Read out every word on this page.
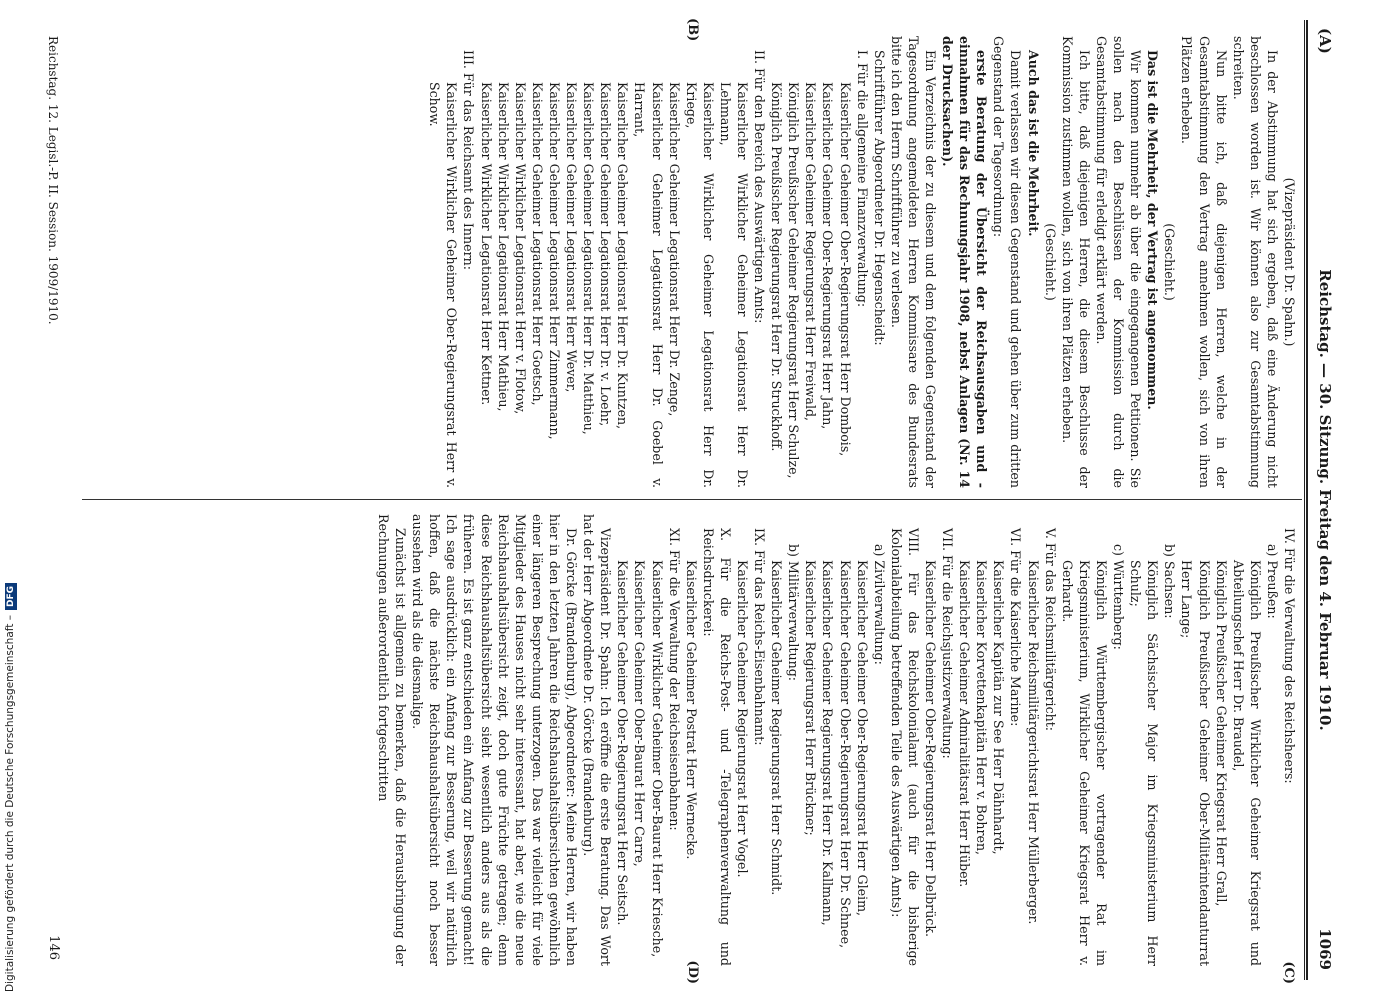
(A)
Reichstag. — 30. Sitzung. Freitag den 4. Februar 1910.
1069
(C)
(B)
(D)

(Vizepräsident Dr. Spahn.)

In der Abstimmung hat sich ergeben, daß eine Änderung nicht beschlossen worden ist. Wir können also zur Gesamtabstimmung schreiten.

Nun bitte ich, daß diejenigen Herren, welche in der Gesamtabstimmung den Vertrag annehmen wollen, sich von ihren Plätzen erheben.

(Geschieht.)

Das ist die Mehrheit, der Vertrag ist angenommen.

Wir kommen nunmehr ab über die eingegangenen Petitionen. Sie sollen nach den Beschlüssen der Kommission durch die Gesamtabstimmung für erledigt erklärt werden.

Ich bitte, daß diejenigen Herren, die diesem Beschlusse der Kommission zustimmen wollen, sich von ihren Plätzen erheben.

(Geschieht.)

Auch das ist die Mehrheit.

Damit verlassen wir diesen Gegenstand und gehen über zum dritten Gegenstand der Tagesordnung:

erste Beratung der Übersicht der Reichsausgaben und -einnahmen für das Rechnungsjahr 1908, nebst Anlagen (Nr. 14 der Drucksachen).

Ein Verzeichnis der zu diesem und dem folgenden Gegenstand der Tagesordnung angemeldeten Herren Kommissare des Bundesrats bitte ich den Herrn Schriftführer zu verlesen.

Schriftführer Abgeordneter Dr. Hegenscheidt:

I. Für die allgemeine Finanzverwaltung:

Kaiserlicher Geheimer Ober-Regierungsrat Herr Dombois,

Kaiserlicher Geheimer Ober-Regierungsrat Herr Jahn,

Kaiserlicher Geheimer Regierungsrat Herr Freiwald,

Königlich Preußischer Geheimer Regierungsrat Herr Schulze,

Königlich Preußischer Regierungsrat Herr Dr. Struckhoff.

II. Für den Bereich des Auswärtigen Amts:

Kaiserlicher Wirklicher Geheimer Legationsrat Herr Dr. Lehmann,

Kaiserlicher Wirklicher Geheimer Legationsrat Herr Dr. Kriege,

Kaiserlicher Geheimer Legationsrat Herr Dr. Zenge,

Kaiserlicher Geheimer Legationsrat Herr Dr. Goebel v. Harrant,

Kaiserlicher Geheimer Legationsrat Herr Dr. Kuntzen,

Kaiserlicher Geheimer Legationsrat Herr Dr. v. Loehr,

Kaiserlicher Geheimer Legationsrat Herr Dr. Matthieu,

Kaiserlicher Geheimer Legationsrat Herr Wever,

Kaiserlicher Geheimer Legationsrat Herr Zimmermann,

Kaiserlicher Geheimer Legationsrat Herr Goetsch,

Kaiserlicher Wirklicher Legationsrat Herr v. Flotow,

Kaiserlicher Wirklicher Legationsrat Herr Mathieu,

Kaiserlicher Wirklicher Legationsrat Herr Kettner.

III. Für das Reichsamt des Innern:

Kaiserlicher Wirklicher Geheimer Ober-Regierungsrat Herr v. Schow.

IV. Für die Verwaltung des Reichsheers:

a) Preußen:

Königlich Preußischer Wirklicher Geheimer Kriegsrat und Abteilungschef Herr Dr. Braudel,

Königlich Preußischer Geheimer Kriegsrat Herr Grall,

Königlich Preußischer Geheimer Ober-Militärintendanturrat Herr Lange;

b) Sachsen:

Königlich Sächsischer Major im Kriegsministerium Herr Schulz;

c) Württemberg:

Königlich Württembergischer vortragender Rat im Kriegsministerium, Wirklicher Geheimer Kriegsrat Herr v. Gerhardt.

V. Für das Reichsmilitärgericht:

Kaiserlicher Reichsmilitärgerichtsrat Herr Müllerberger.

VI. Für die Kaiserliche Marine:

Kaiserlicher Kapitän zur See Herr Dähnhardt,

Kaiserlicher Korvettenkapitän Herr v. Bohren,

Kaiserlicher Geheimer Admiralitätsrat Herr Hüber.

VII. Für die Reichsjustizverwaltung:

Kaiserlicher Geheimer Ober-Regierungsrat Herr Delbrück.

VIII. Für das Reichskolonialamt (auch für die bisherige Kolonialabteilung betreffenden Teile des Auswärtigen Amts):

a) Zivilverwaltung:

Kaiserlicher Geheimer Ober-Regierungsrat Herr Gleim,

Kaiserlicher Geheimer Ober-Regierungsrat Herr Dr. Schnee,

Kaiserlicher Geheimer Regierungsrat Herr Dr. Kallmann,

Kaiserlicher Regierungsrat Herr Brückner;

b) Militärverwaltung:

Kaiserlicher Geheimer Regierungsrat Herr Schmidt.

IX. Für das Reichs-Eisenbahnamt:

Kaiserlicher Geheimer Regierungsrat Herr Vogel.

X. Für die Reichs-Post- und -Telegraphenverwaltung und Reichsdruckerei:

Kaiserlicher Geheimer Postrat Herr Wernecke.

XI. Für die Verwaltung der Reichseisenbahnen:

Kaiserlicher Wirklicher Geheimer Ober-Baurat Herr Kriesche,

Kaiserlicher Geheimer Ober-Baurat Herr Carre,

Kaiserlicher Geheimer Ober-Regierungsrat Herr Seitsch.

Vizepräsident Dr. Spahn: Ich eröffne die erste Beratung. Das Wort hat der Herr Abgeordnete Dr. Görcke (Brandenburg).

Dr. Görcke (Brandenburg), Abgeordneter: Meine Herren, wir haben hier in den letzten Jahren die Reichshaushaltsübersichten gewöhnlich einer längeren Besprechung unterzogen. Das war vielleicht für viele Mitglieder des Hauses nicht sehr interessant, hat aber, wie die neue Reichshaushaltsübersicht zeigt, doch gute Früchte getragen; denn diese Reichshaushaltsübersicht sieht wesentlich anders aus als die früheren. Es ist ganz entschieden ein Anfang zur Besserung gemacht! Ich sage ausdrücklich: ein Anfang zur Besserung, weil wir natürlich hoffen, daß die nächste Reichshaushaltsübersicht noch besser aussehen wird als die diesmalige.

Zunächst ist allgemein zu bemerken, daß die Herausbringung der Rechnungen außerordentlich fortgeschritten

Reichstag. 12. Legisl.-P. II. Session. 1909/1910.
146
Digitalisierung gefördert durch die Deutsche Forschungsgemeinschaft –DFG
